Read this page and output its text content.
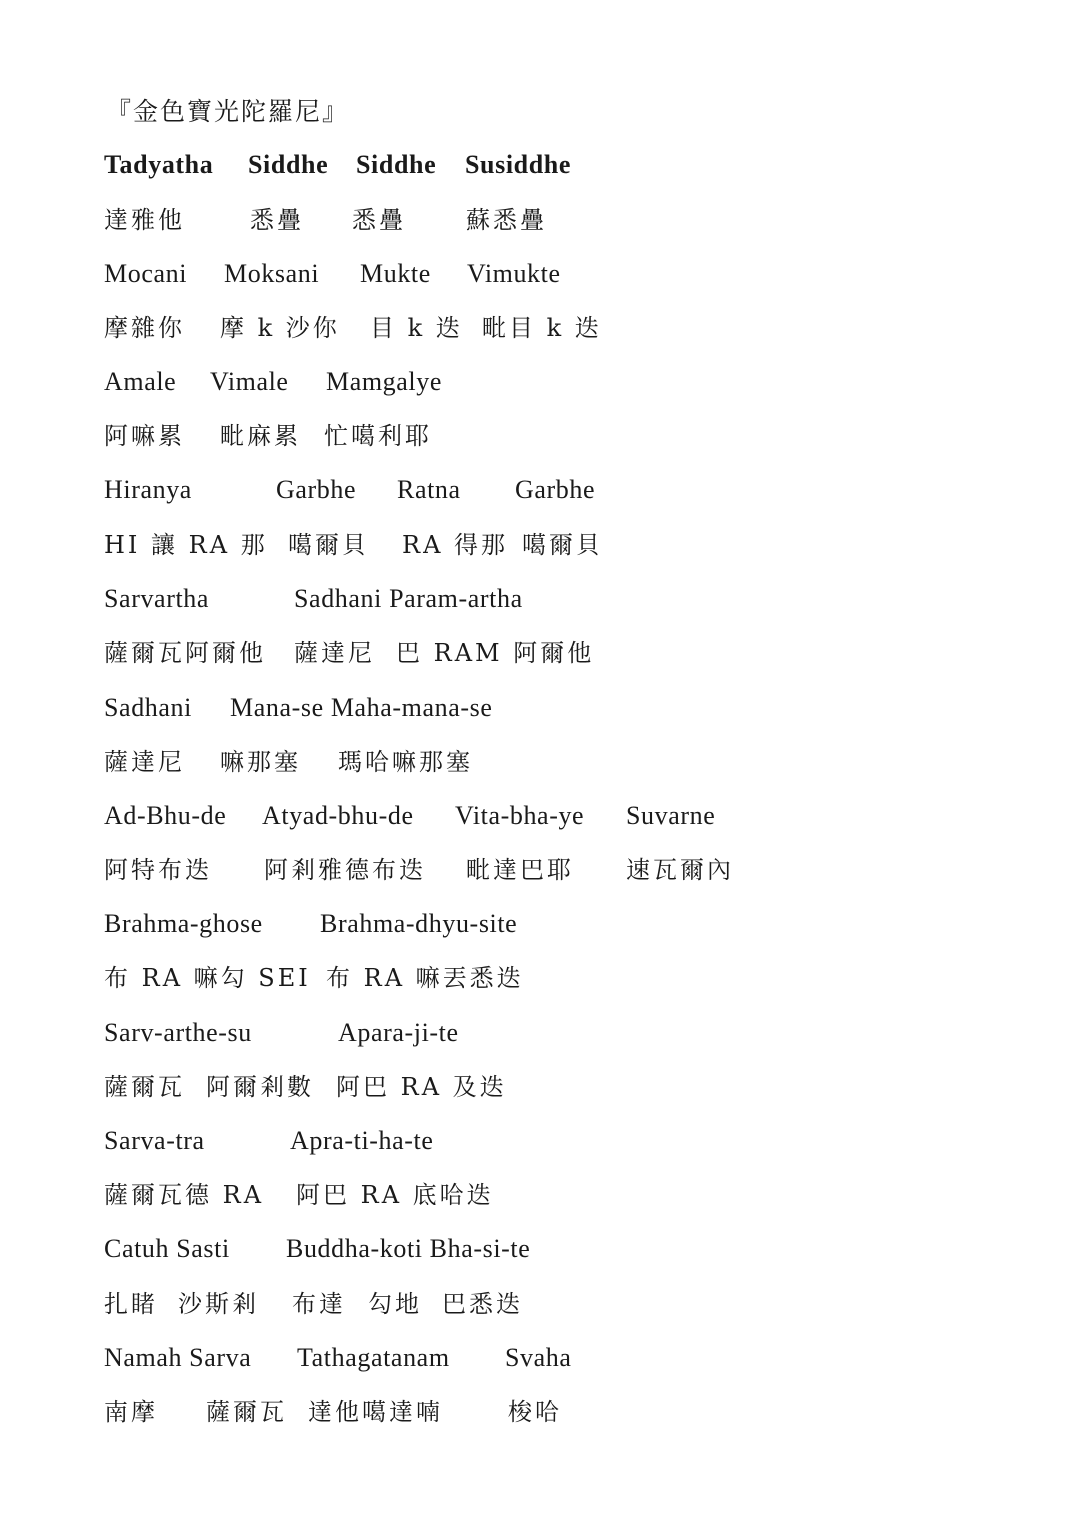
『金色寶光陀羅尼』
Tadyatha Siddhe Siddhe Susiddhe
達雅他	悉疊 悉疊	蘇悉疊
Mocani Moksani Mukte Vimukte
摩雜你 摩 k 沙你 目 k 迭 毗目 k 迭
Amale Vimale Mamgalye
阿嘛累 毗麻累 忙噶利耶
Hiranya	Garbhe Ratna Garbhe
HI 讓 RA 那 噶爾貝 RA 得那 噶爾貝
Sarvartha	Sadhani Param-artha
薩爾瓦阿爾他 薩達尼 巴 RAM 阿爾他
Sadhani Mana-se Maha-mana-se
薩達尼 嘛那塞 瑪哈嘛那塞
Ad-Bhu-de Atyad-bhu-de Vita-bha-ye Suvarne
阿特布迭 阿剎雅德布迭 毗達巴耶 速瓦爾內
Brahma-ghose Brahma-dhyu-site
布 RA 嘛勾 SEI 布 RA 嘛丟悉迭
Sarv-arthe-su	Apara-ji-te
薩爾瓦 阿爾剎數 阿巴 RA 及迭
Sarva-tra	Apra-ti-ha-te
薩爾瓦德 RA 阿巴 RA 底哈迭
Catuh Sasti Buddha-koti Bha-si-te
扎睹 沙斯剎 布達 勾地 巴悉迭
Namah Sarva Tathagatanam Svaha
南摩 薩爾瓦 達他噶達喃	梭哈
